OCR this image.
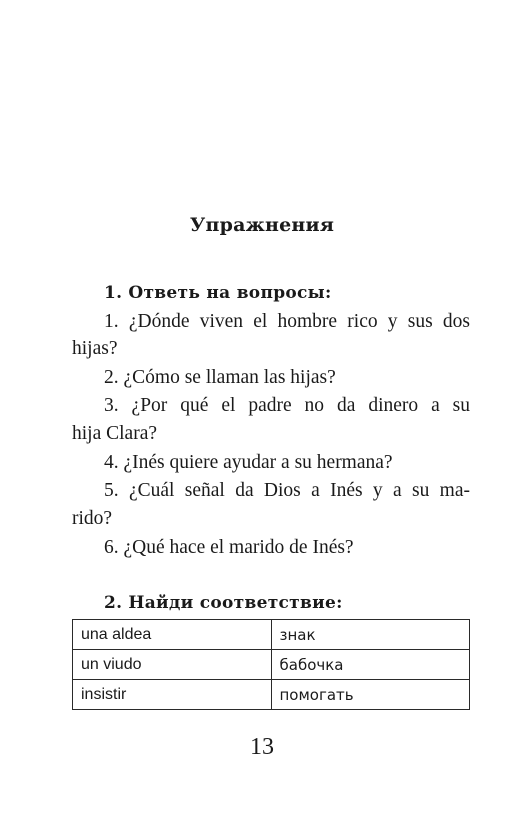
Упражнения
1. Ответь на вопросы:
1. ¿Dónde viven el hombre rico y sus dos
hijas?
2. ¿Cómo se llaman las hijas?
3. ¿Por qué el padre no da dinero a su
hija Clara?
4. ¿Inés quiere ayudar a su hermana?
5. ¿Cuál señal da Dios a Inés y a su ma-
rido?
6. ¿Qué hace el marido de Inés?
2. Найди соответствие:
una aldea	знак
un viudo	бабочка
insistir	помогать
13
